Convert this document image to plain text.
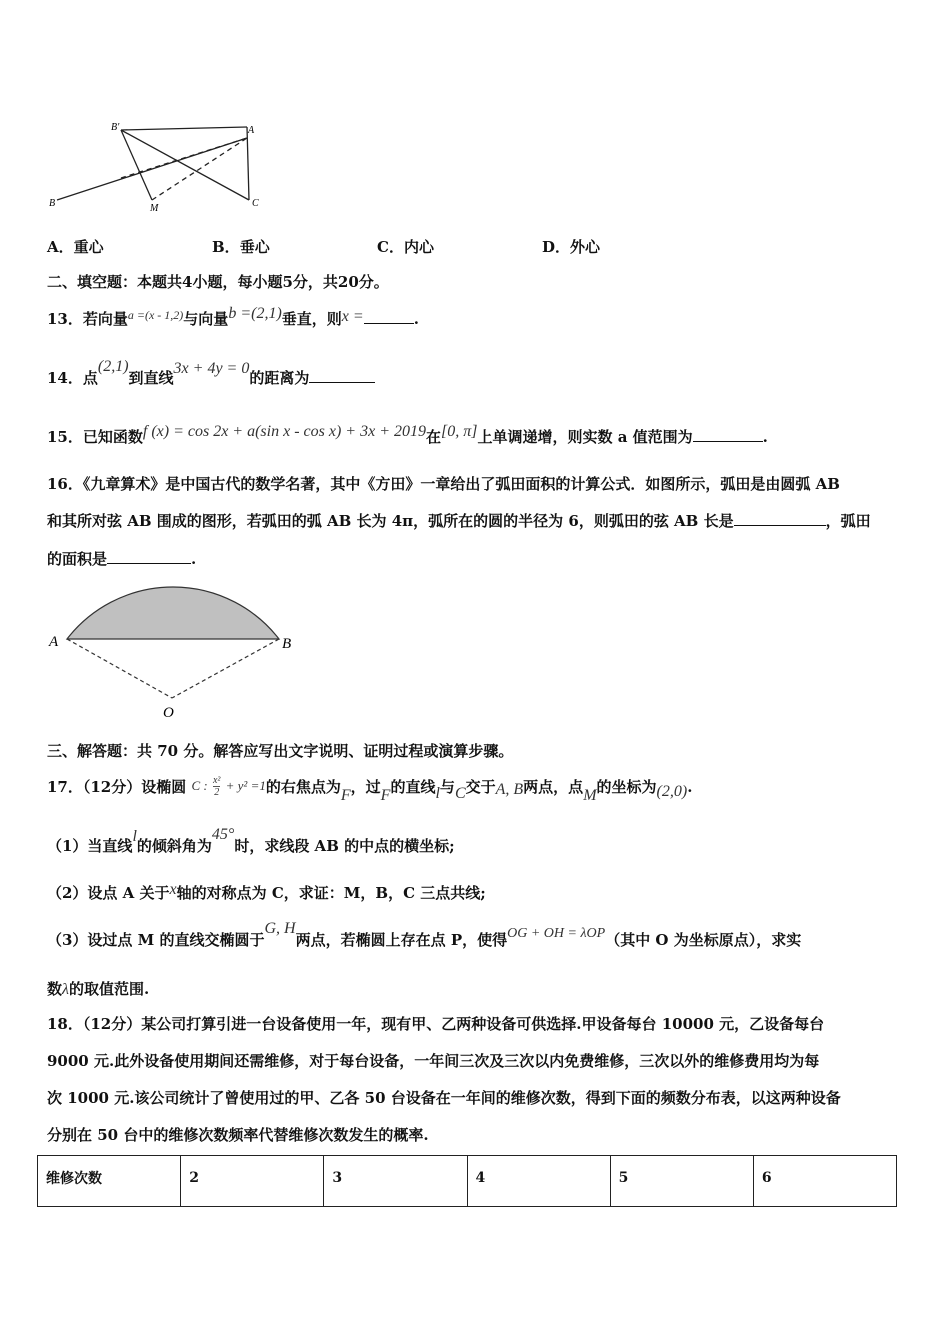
B'	A
B	M	C
A．重心	B．垂心	C．内心	D．外心
二、填空题：本题共4小题，每小题5分，共20分。
13．若向量$^{a =(x - 1,2)}$与向量b =(2,1)垂直，则x =	.
14．点(2,1)到直线3x + 4y = 0的距离为
15．已知函数f (x) = cos 2x + a(sin x - cos x) + 3x + 2019在[0, π]上单调递增，则实数 a 值范围为	.
16．《九章算术》是中国古代的数学名著，其中《方田》一章给出了弧田面积的计算公式．如图所示，弧田是由圆弧 AB
和其所对弦 AB 围成的图形，若弧田的弧 AB 长为 4π，弧所在的圆的半径为 6，则弧田的弦 AB 长是	，弧田
的面积是	.
A	B
O
三、解答题：共 70 分。解答应写出文字说明、证明过程或演算步骤。
17．（12分）设椭圆 C : $\frac{\text{x²}}{2} + y^2 =1$的右焦点为F，过F的直线l与C交于A, B两点，点M的坐标为(2,0).
（1）当直线l的倾斜角为45°时，求线段 AB 的中点的横坐标;
（2）设点 A 关于x轴的对称点为 C，求证：M，B，C 三点共线;
（3）设过点 M 的直线交椭圆于G, H两点，若椭圆上存在点 P，使得OG + OH = λOP（其中 O 为坐标原点），求实
数λ的取值范围.
18．（12分）某公司打算引进一台设备使用一年，现有甲、乙两种设备可供选择.甲设备每台 10000 元，乙设备每台
9000 元.此外设备使用期间还需维修，对于每台设备，一年间三次及三次以内免费维修，三次以外的维修费用均为每
次 1000 元.该公司统计了曾使用过的甲、乙各 50 台设备在一年间的维修次数，得到下面的频数分布表，以这两种设备
分别在 50 台中的维修次数频率代替维修次数发生的概率.
维修次数	2	3	4	5	6
